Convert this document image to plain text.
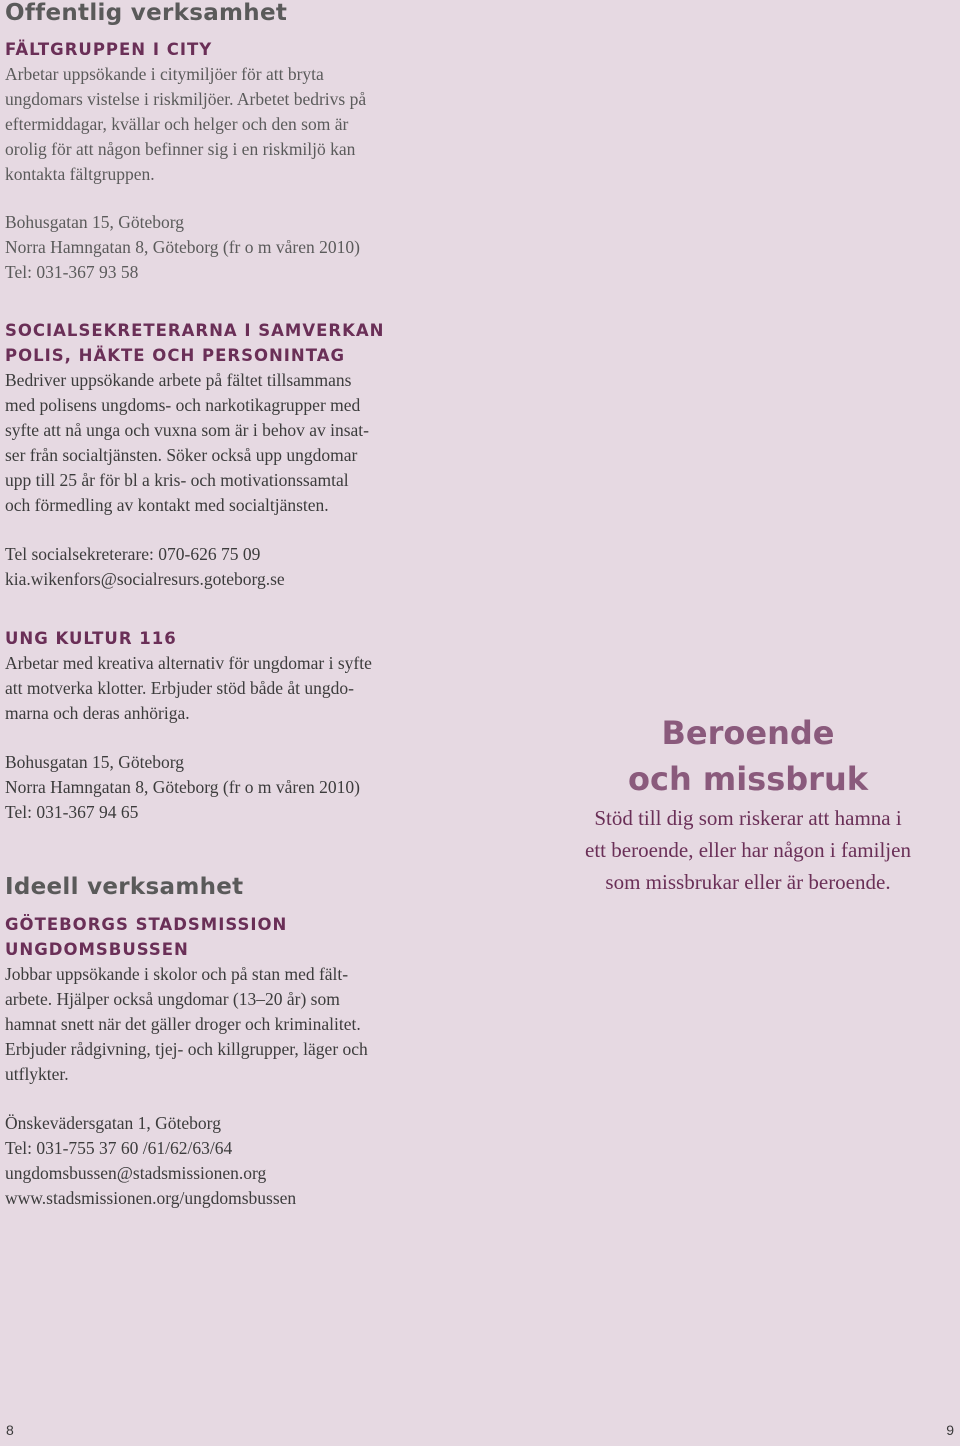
Offentlig verksamhet
FÄLTGRUPPEN I CITY

Arbetar uppsökande i citymiljöer för att bryta
ungdomars vistelse i riskmiljöer. Arbetet bedrivs på
eftermiddagar, kvällar och helger och den som är
orolig för att någon befinner sig i en riskmiljö kan
kontakta fältgruppen.

Bohusgatan 15, Göteborg
Norra Hamngatan 8, Göteborg (fr o m våren 2010)
Tel: 031-367 93 58

SOCIALSEKRETERARNA I SAMVERKAN
POLIS, HÄKTE OCH PERSONINTAG

Bedriver uppsökande arbete på fältet tillsammans
med polisens ungdoms- och narkotikagrupper med
syfte att nå unga och vuxna som är i behov av insat-
ser från socialtjänsten. Söker också upp ungdomar
upp till 25 år för bl a kris- och motivationssamtal
och förmedling av kontakt med socialtjänsten.

Tel socialsekreterare: 070-626 75 09
kia.wikenfors@socialresurs.goteborg.se

UNG KULTUR 116

Arbetar med kreativa alternativ för ungdomar i syfte
att motverka klotter. Erbjuder stöd både åt ungdo-
marna och deras anhöriga.

Bohusgatan 15, Göteborg
Norra Hamngatan 8, Göteborg (fr o m våren 2010)
Tel: 031-367 94 65

Ideell verksamhet
GÖTEBORGS STADSMISSION
UNGDOMSBUSSEN

Jobbar uppsökande i skolor och på stan med fält-
arbete. Hjälper också ungdomar (13–20 år) som
hamnat snett när det gäller droger och kriminalitet.
Erbjuder rådgivning, tjej- och killgrupper, läger och
utflykter.

Önskevädersgatan 1, Göteborg
Tel: 031-755 37 60 /61/62/63/64
ungdomsbussen@stadsmissionen.org
www.stadsmissionen.org/ungdomsbussen

Beroende
och missbruk

Stöd till dig som riskerar att hamna i
ett beroende, eller har någon i familjen
som missbrukar eller är beroende.

8	9
